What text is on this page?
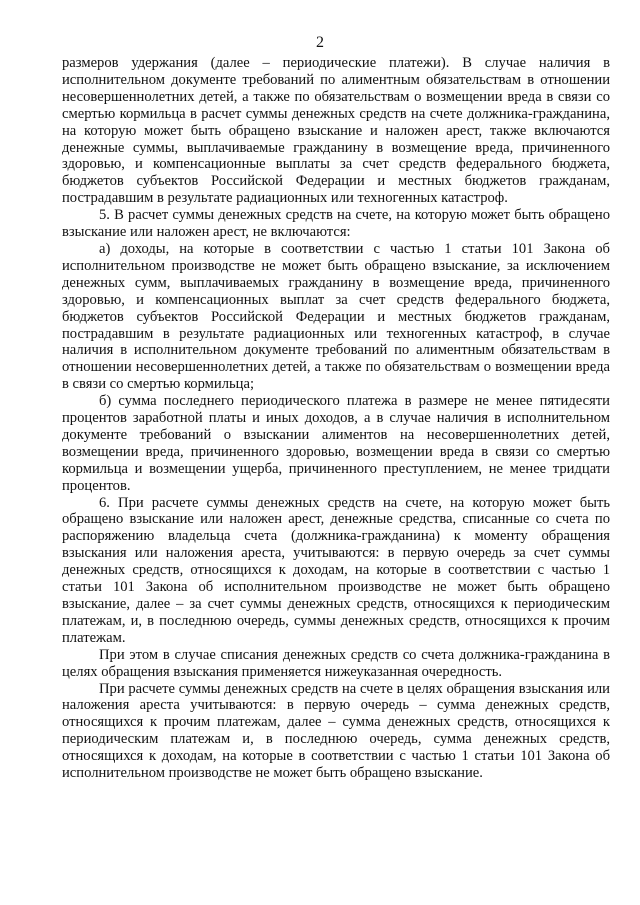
2

размеров удержания (далее – периодические платежи). В случае наличия в исполнительном документе требований по алиментным обязательствам в отношении несовершеннолетних детей, а также по обязательствам о возмещении вреда в связи со смертью кормильца в расчет суммы денежных средств на счете должника-гражданина, на которую может быть обращено взыскание и наложен арест, также включаются денежные суммы, выплачиваемые гражданину в возмещение вреда, причиненного здоровью, и компенсационные выплаты за счет средств федерального бюджета, бюджетов субъектов Российской Федерации и местных бюджетов гражданам, пострадавшим в результате радиационных или техногенных катастроф.

5. В расчет суммы денежных средств на счете, на которую может быть обращено взыскание или наложен арест, не включаются:

а) доходы, на которые в соответствии с частью 1 статьи 101 Закона об исполнительном производстве не может быть обращено взыскание, за исключением денежных сумм, выплачиваемых гражданину в возмещение вреда, причиненного здоровью, и компенсационных выплат за счет средств федерального бюджета, бюджетов субъектов Российской Федерации и местных бюджетов гражданам, пострадавшим в результате радиационных или техногенных катастроф, в случае наличия в исполнительном документе требований по алиментным обязательствам в отношении несовершеннолетних детей, а также по обязательствам о возмещении вреда в связи со смертью кормильца;

б) сумма последнего периодического платежа в размере не менее пятидесяти процентов заработной платы и иных доходов, а в случае наличия в исполнительном документе требований о взыскании алиментов на несовершеннолетних детей, возмещении вреда, причиненного здоровью, возмещении вреда в связи со смертью кормильца и возмещении ущерба, причиненного преступлением, не менее тридцати процентов.

6. При расчете суммы денежных средств на счете, на которую может быть обращено взыскание или наложен арест, денежные средства, списанные со счета по распоряжению владельца счета (должника-гражданина) к моменту обращения взыскания или наложения ареста, учитываются: в первую очередь за счет суммы денежных средств, относящихся к доходам, на которые в соответствии с частью 1 статьи 101 Закона об исполнительном производстве не может быть обращено взыскание, далее – за счет суммы денежных средств, относящихся к периодическим платежам, и, в последнюю очередь, суммы денежных средств, относящихся к прочим платежам.

При этом в случае списания денежных средств со счета должника-гражданина в целях обращения взыскания применяется нижеуказанная очередность.

При расчете суммы денежных средств на счете в целях обращения взыскания или наложения ареста учитываются: в первую очередь – сумма денежных средств, относящихся к прочим платежам, далее – сумма денежных средств, относящихся к периодическим платежам и, в последнюю очередь, сумма денежных средств, относящихся к доходам, на которые в соответствии с частью 1 статьи 101 Закона об исполнительном производстве не может быть обращено взыскание.
